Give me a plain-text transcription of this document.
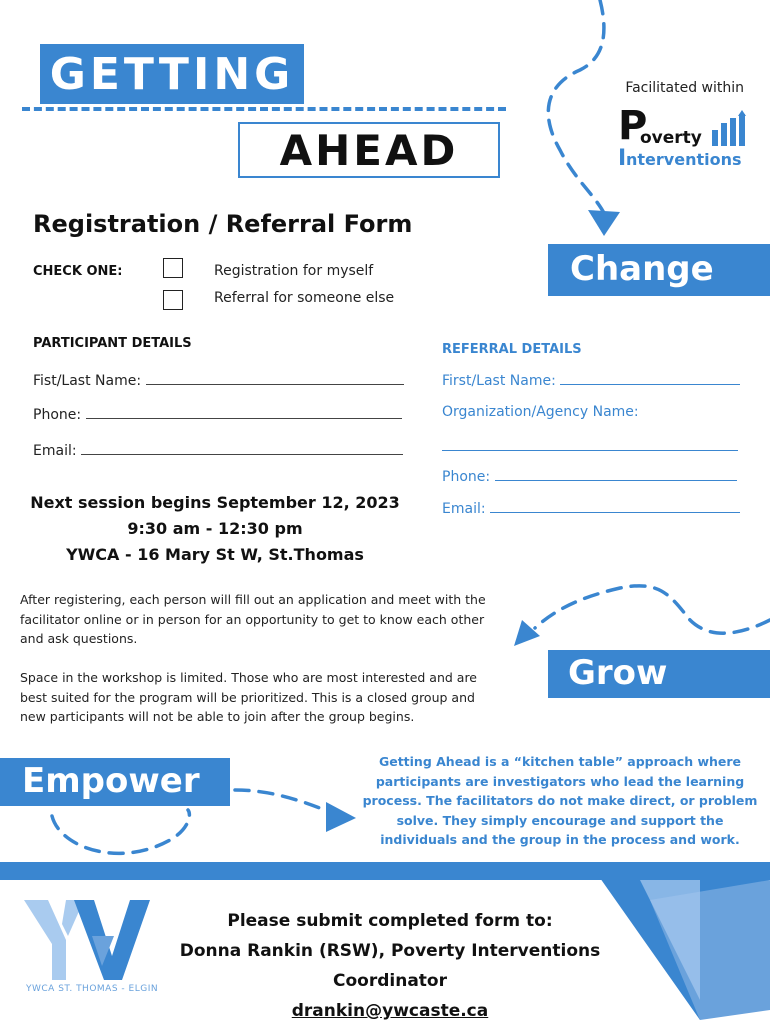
GETTING
AHEAD
Facilitated within
P
overty
I nterventions
Registration / Referral Form
CHECK ONE:	Registration for myself
Referral for someone else
Change
PARTICIPANT DETAILS
Fist/Last Name:
Phone:
Email:
REFERRAL DETAILS
First/Last Name:
Organization/Agency Name:
Phone:
Email:
Next session begins September 12, 2023
9:30 am - 12:30 pm
YWCA - 16 Mary St W, St.Thomas
After registering, each person will fill out an application and meet with the facilitator online or in person for an opportunity to get to know each other and ask questions.
Space in the workshop is limited. Those who are most interested and are best suited for the program will be prioritized. This is a closed group and new participants will not be able to join after the group begins.
Grow
Empower	Getting Ahead is a “kitchen table” approach where participants are investigators who lead the learning process. The facilitators do not make direct, or problem solve. They simply encourage and support the individuals and the group in the process and work.
YWCA ST. THOMAS - ELGIN
Please submit completed form to:
Donna Rankin (RSW), Poverty Interventions Coordinator
drankin@ywcaste.ca
